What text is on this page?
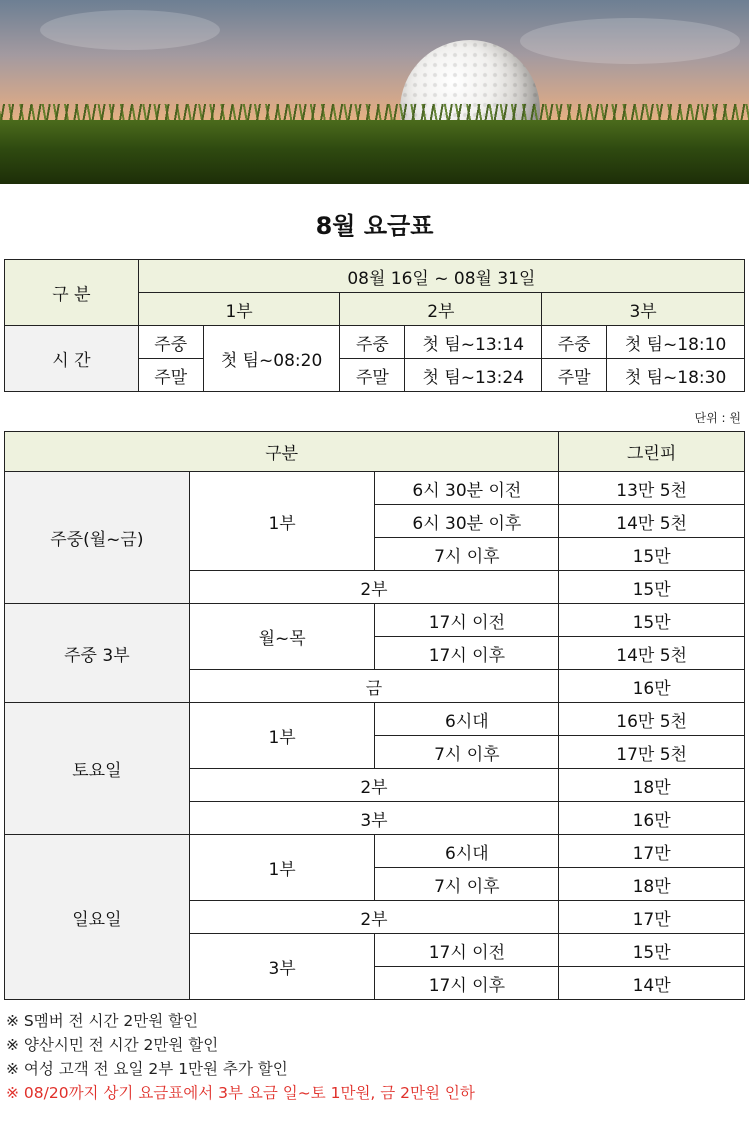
8월 요금표
구 분	08월 16일 ~ 08월 31일					
	1부		2부		3부	
시 간	주중	첫 팀~08:20	주중	첫 팀~13:14	주중	첫 팀~18:10
	주말		주말	첫 팀~13:24	주말	첫 팀~18:30
단위 : 원
구분			그린피
주중(월~금)	1부	6시 30분 이전	13만 5천
		6시 30분 이후	14만 5천
		7시 이후	15만
	2부		15만
주중 3부	월~목	17시 이전	15만
		17시 이후	14만 5천
	금		16만
토요일	1부	6시대	16만 5천
		7시 이후	17만 5천
	2부		18만
	3부		16만
일요일	1부	6시대	17만
		7시 이후	18만
	2부		17만
	3부	17시 이전	15만
		17시 이후	14만
※ S멤버 전 시간 2만원 할인
※ 양산시민 전 시간 2만원 할인
※ 여성 고객 전 요일 2부 1만원 추가 할인
※ 08/20까지 상기 요금표에서 3부 요금 일~토 1만원, 금 2만원 인하
